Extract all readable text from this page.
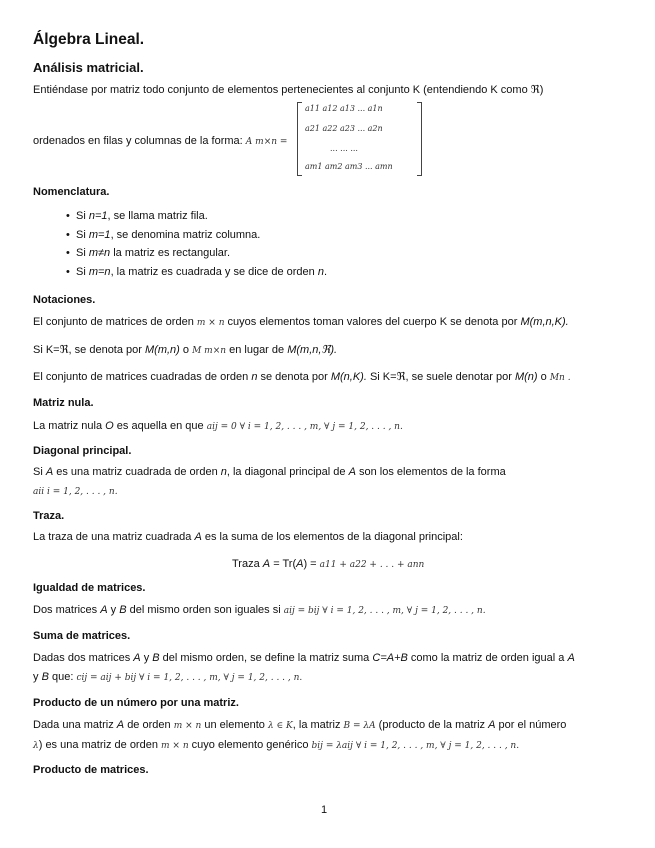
Álgebra Lineal.
Análisis matricial.
Entiéndase por matriz todo conjunto de elementos pertenecientes al conjunto K (entendiendo K como ℜ)
ordenados en filas y columnas de la forma: A m×n =
a11 a12 a13 ... a1n
a21 a22 a23 ... a2n
... ... ...
am1 am2 am3 ... amn
Nomenclatura.
• Si n=1, se llama matriz fila.
• Si m=1, se denomina matriz columna.
• Si m≠n la matriz es rectangular.
• Si m=n, la matriz es cuadrada y se dice de orden n.
Notaciones.
El conjunto de matrices de orden m × n cuyos elementos toman valores del cuerpo K se denota por M(m,n,K).
Si K=ℜ, se denota por M(m,n) o M m×n en lugar de M(m,n,ℜ).
El conjunto de matrices cuadradas de orden n se denota por M(n,K). Si K=ℜ, se suele denotar por M(n) o Mn .
Matriz nula.
La matriz nula O es aquella en que aij = 0 ∀ i = 1, 2, . . . , m, ∀ j = 1, 2, . . . , n.
Diagonal principal.
Si A es una matriz cuadrada de orden n, la diagonal principal de A son los elementos de la forma
aii i = 1, 2, . . . , n.
Traza.
La traza de una matriz cuadrada A es la suma de los elementos de la diagonal principal:
Traza A = Tr(A) = a11 + a22 + . . . + ann
Igualdad de matrices.
Dos matrices A y B del mismo orden son iguales si aij = bij ∀ i = 1, 2, . . . , m, ∀ j = 1, 2, . . . , n.
Suma de matrices.
Dadas dos matrices A y B del mismo orden, se define la matriz suma C=A+B como la matriz de orden igual a A
y B que: cij = aij + bij ∀ i = 1, 2, . . . , m, ∀ j = 1, 2, . . . , n.
Producto de un número por una matriz.
Dada una matriz A de orden m × n un elemento λ ∈ K, la matriz B = λA (producto de la matriz A por el número
λ) es una matriz de orden m × n cuyo elemento genérico bij = λaij ∀ i = 1, 2, . . . , m, ∀ j = 1, 2, . . . , n.
Producto de matrices.
1
